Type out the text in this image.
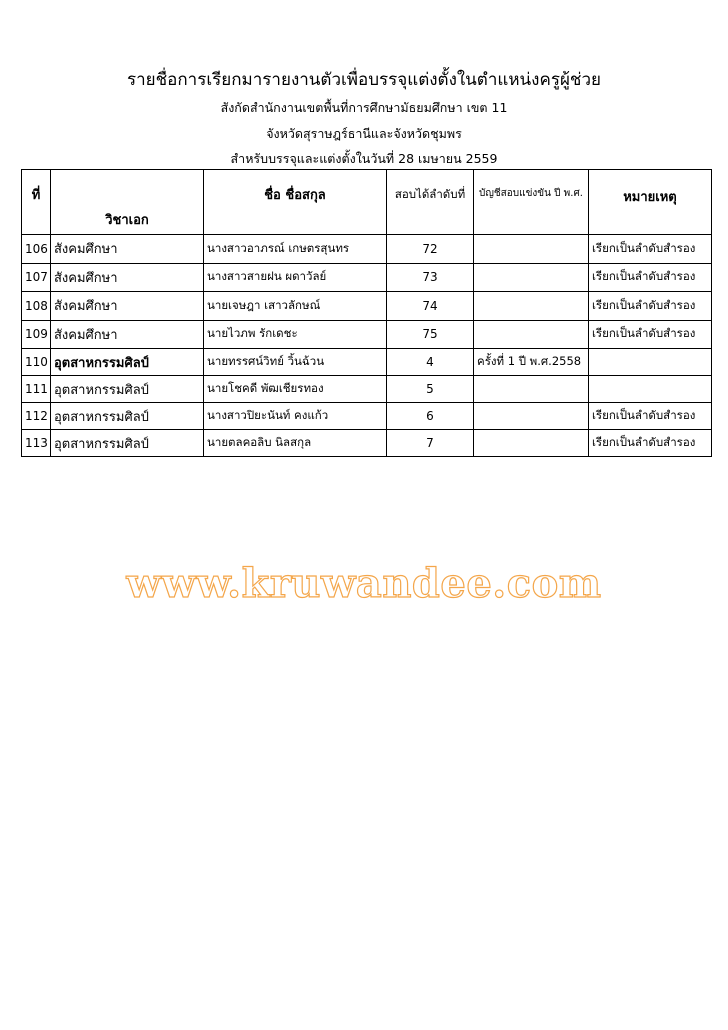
รายชื่อการเรียกมารายงานตัวเพื่อบรรจุแต่งตั้งในตำแหน่งครูผู้ช่วย
สังกัดสำนักงานเขตพื้นที่การศึกษามัธยมศึกษา เขต 11
จังหวัดสุราษฎร์ธานีและจังหวัดชุมพร
สำหรับบรรจุและแต่งตั้งในวันที่ 28 เมษายน 2559
ที่	วิชาเอก	ชื่อ ชื่อสกุล	สอบได้ลำดับที่	บัญชีสอบแข่งขัน ปี พ.ศ.	หมายเหตุ
106	สังคมศึกษา	นางสาวอาภรณ์ เกษตรสุนทร	72		เรียกเป็นลำดับสำรอง
107	สังคมศึกษา	นางสาวสายฝน ผดาวัลย์	73		เรียกเป็นลำดับสำรอง
108	สังคมศึกษา	นายเจษฎา เสาวลักษณ์	74		เรียกเป็นลำดับสำรอง
109	สังคมศึกษา	นายไวภพ รักเดชะ	75		เรียกเป็นลำดับสำรอง
110	อุตสาหกรรมศิลป์	นายทรรศน์วิทย์ วิ้นฉ้วน	4	ครั้งที่ 1 ปี พ.ศ.2558	
111	อุตสาหกรรมศิลป์	นายโชคดี พัฒเชียรทอง	5		
112	อุตสาหกรรมศิลป์	นางสาวปิยะนันท์ คงแก้ว	6		เรียกเป็นลำดับสำรอง
113	อุตสาหกรรมศิลป์	นายตลคอลิบ นิลสกุล	7		เรียกเป็นลำดับสำรอง
www.kruwandee.com
